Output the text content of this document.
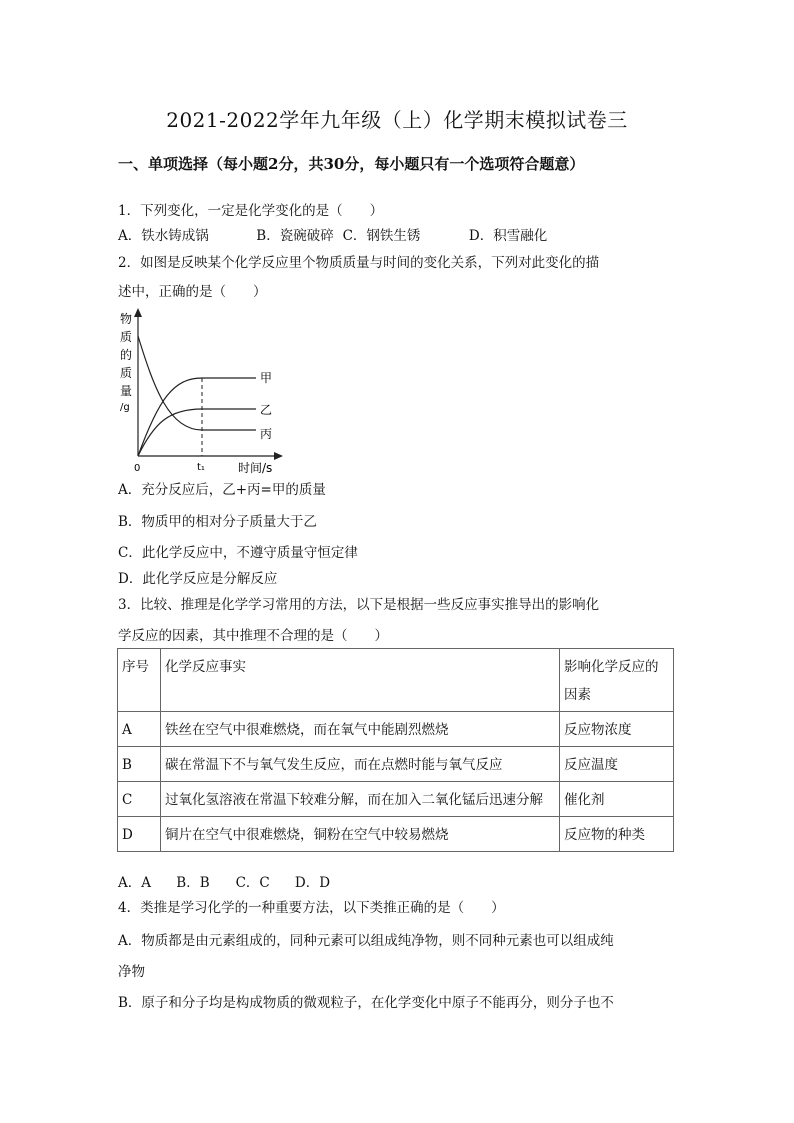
2021-2022学年九年级（上）化学期末模拟试卷三
一、单项选择（每小题2分，共30分，每小题只有一个选项符合题意）
1．下列变化，一定是化学变化的是（　　）
A．铁水铸成锅	B．瓷碗破碎 C．钢铁生锈	D．积雪融化
2．如图是反映某个化学反应里个物质质量与时间的变化关系，下列对此变化的描
述中，正确的是（　　）
物
质
的
质
量
/g
0	t₁	时间/s
甲
乙
丙
A．充分反应后，乙+丙=甲的质量
B．物质甲的相对分子质量大于乙
C．此化学反应中，不遵守质量守恒定律
D．此化学反应是分解反应
3．比较、推理是化学学习常用的方法，以下是根据一些反应事实推导出的影响化
学反应的因素，其中推理不合理的是（　　）
序号	化学反应事实	影响化学反应的因素
A	铁丝在空气中很难燃烧，而在氧气中能剧烈燃烧	反应物浓度
B	碳在常温下不与氧气发生反应，而在点燃时能与氧气反应	反应温度
C	过氧化氢溶液在常温下较难分解，而在加入二氧化锰后迅速分解	催化剂
D	铜片在空气中很难燃烧，铜粉在空气中较易燃烧	反应物的种类
A．A B．B C．C D．D
4．类推是学习化学的一种重要方法，以下类推正确的是（　　）
A．物质都是由元素组成的，同种元素可以组成纯净物，则不同种元素也可以组成纯
净物
B．原子和分子均是构成物质的微观粒子，在化学变化中原子不能再分，则分子也不
